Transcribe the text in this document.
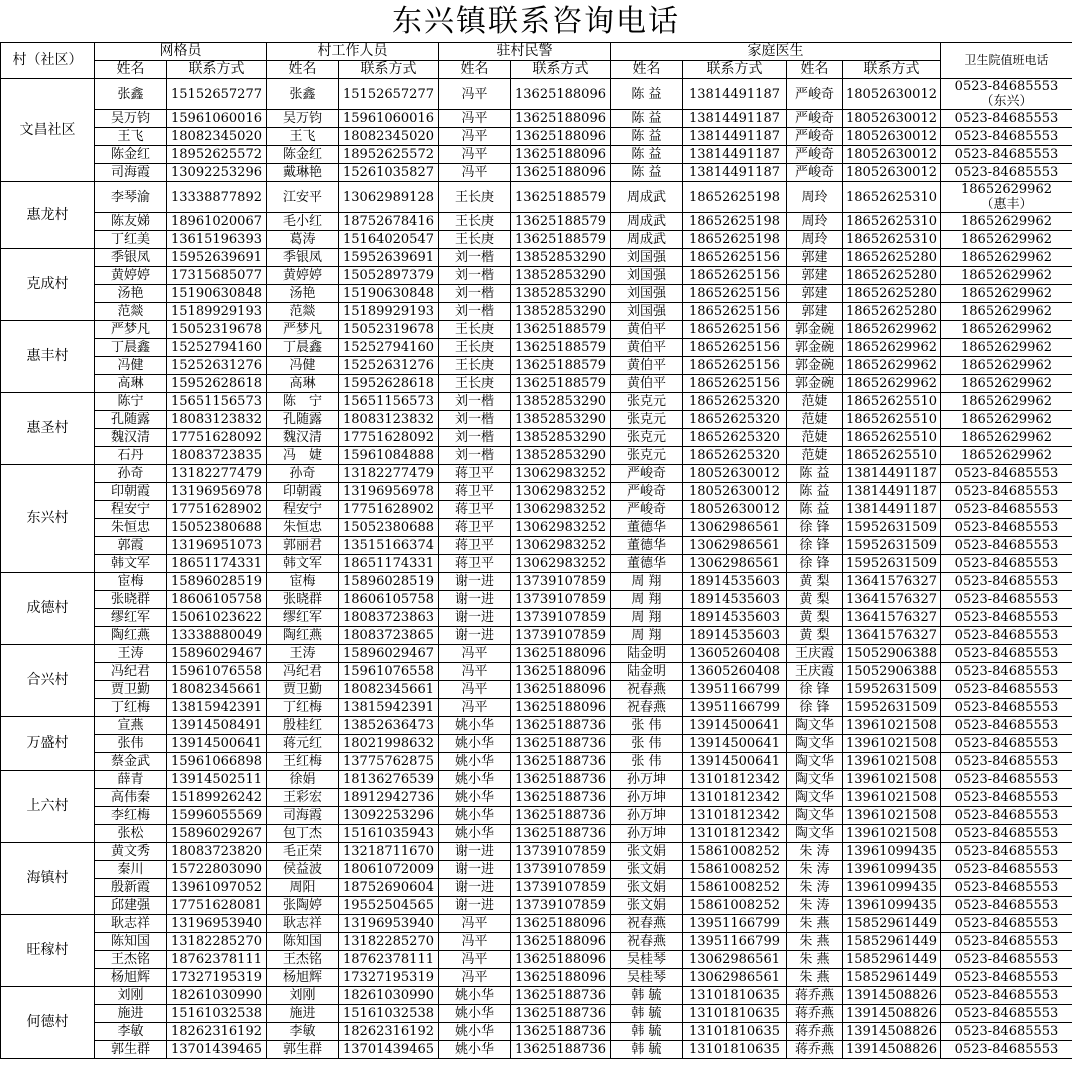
东兴镇联系咨询电话
村（社区）	网格员		村工作人员		驻村民警		家庭医生				卫生院值班电话
	姓名	联系方式	姓名	联系方式	姓名	联系方式	姓名	联系方式	姓名	联系方式	
文昌社区	张鑫	15152657277	张鑫	15152657277	冯平	13625188096	陈 益	13814491187	严峻奇	18052630012	0523-84685553
（东兴）
	吴万钧	15961060016	吴万钧	15961060016	冯平	13625188096	陈 益	13814491187	严峻奇	18052630012	0523-84685553
	王飞	18082345020	王飞	18082345020	冯平	13625188096	陈 益	13814491187	严峻奇	18052630012	0523-84685553
	陈金红	18952625572	陈金红	18952625572	冯平	13625188096	陈 益	13814491187	严峻奇	18052630012	0523-84685553
	司海霞	13092253296	戴琳艳	15261035827	冯平	13625188096	陈 益	13814491187	严峻奇	18052630012	0523-84685553
惠龙村	李琴渝	13338877892	江安平	13062989128	王长庚	13625188579	周成武	18652625198	周玲	18652625310	18652629962
（惠丰）
	陈友娣	18961020067	毛小红	18752678416	王长庚	13625188579	周成武	18652625198	周玲	18652625310	18652629962
	丁红美	13615196393	葛涛	15164020547	王长庚	13625188579	周成武	18652625198	周玲	18652625310	18652629962
克成村	季银凤	15952639691	季银凤	15952639691	刘一楷	13852853290	刘国强	18652625156	郭建	18652625280	18652629962
	黄婷婷	17315685077	黄婷婷	15052897379	刘一楷	13852853290	刘国强	18652625156	郭建	18652625280	18652629962
	汤艳	15190630848	汤艳	15190630848	刘一楷	13852853290	刘国强	18652625156	郭建	18652625280	18652629962
	范燚	15189929193	范燚	15189929193	刘一楷	13852853290	刘国强	18652625156	郭建	18652625280	18652629962
惠丰村	严梦凡	15052319678	严梦凡	15052319678	王长庚	13625188579	黄伯平	18652625156	郭金碗	18652629962	18652629962
	丁晨鑫	15252794160	丁晨鑫	15252794160	王长庚	13625188579	黄伯平	18652625156	郭金碗	18652629962	18652629962
	冯健	15252631276	冯健	15252631276	王长庚	13625188579	黄伯平	18652625156	郭金碗	18652629962	18652629962
	高琳	15952628618	高琳	15952628618	王长庚	13625188579	黄伯平	18652625156	郭金碗	18652629962	18652629962
惠圣村	陈宁	15651156573	陈　宁	15651156573	刘一楷	13852853290	张克元	18652625320	范婕	18652625510	18652629962
	孔随露	18083123832	孔随露	18083123832	刘一楷	13852853290	张克元	18652625320	范婕	18652625510	18652629962
	魏汉清	17751628092	魏汉清	17751628092	刘一楷	13852853290	张克元	18652625320	范婕	18652625510	18652629962
	石丹	18083723835	冯　婕	15961084888	刘一楷	13852853290	张克元	18652625320	范婕	18652625510	18652629962
东兴村	孙奇	13182277479	孙奇	13182277479	蒋卫平	13062983252	严峻奇	18052630012	陈 益	13814491187	0523-84685553
	印朝霞	13196956978	印朝霞	13196956978	蒋卫平	13062983252	严峻奇	18052630012	陈 益	13814491187	0523-84685553
	程安宁	17751628902	程安宁	17751628902	蒋卫平	13062983252	严峻奇	18052630012	陈 益	13814491187	0523-84685553
	朱恒忠	15052380688	朱恒忠	15052380688	蒋卫平	13062983252	董德华	13062986561	徐 锋	15952631509	0523-84685553
	郭霞	13196951073	郭丽君	13515166374	蒋卫平	13062983252	董德华	13062986561	徐 锋	15952631509	0523-84685553
	韩文军	18651174331	韩文军	18651174331	蒋卫平	13062983252	董德华	13062986561	徐 锋	15952631509	0523-84685553
成德村	宦梅	15896028519	宦梅	15896028519	谢一进	13739107859	周 翔	18914535603	黄 梨	13641576327	0523-84685553
	张晓群	18606105758	张晓群	18606105758	谢一进	13739107859	周 翔	18914535603	黄 梨	13641576327	0523-84685553
	缪红军	15061023622	缪红军	18083723863	谢一进	13739107859	周 翔	18914535603	黄 梨	13641576327	0523-84685553
	陶红燕	13338880049	陶红燕	18083723865	谢一进	13739107859	周 翔	18914535603	黄 梨	13641576327	0523-84685553
合兴村	王涛	15896029467	王涛	15896029467	冯平	13625188096	陆金明	13605260408	王庆霞	15052906388	0523-84685553
	冯纪君	15961076558	冯纪君	15961076558	冯平	13625188096	陆金明	13605260408	王庆霞	15052906388	0523-84685553
	贾卫勤	18082345661	贾卫勤	18082345661	冯平	13625188096	祝春燕	13951166799	徐 锋	15952631509	0523-84685553
	丁红梅	13815942391	丁红梅	13815942391	冯平	13625188096	祝春燕	13951166799	徐 锋	15952631509	0523-84685553
万盛村	宣燕	13914508491	殷桂红	13852636473	姚小华	13625188736	张 伟	13914500641	陶文华	13961021508	0523-84685553
	张伟	13914500641	蒋元红	18021998632	姚小华	13625188736	张 伟	13914500641	陶文华	13961021508	0523-84685553
	蔡金武	15961066898	王红梅	13775762875	姚小华	13625188736	张 伟	13914500641	陶文华	13961021508	0523-84685553
上六村	薛青	13914502511	徐娟	18136276539	姚小华	13625188736	孙万坤	13101812342	陶文华	13961021508	0523-84685553
	高伟秦	15189926242	王彩宏	18912942736	姚小华	13625188736	孙万坤	13101812342	陶文华	13961021508	0523-84685553
	李红梅	15996055569	司海霞	13092253296	姚小华	13625188736	孙万坤	13101812342	陶文华	13961021508	0523-84685553
	张松	15896029267	包丁杰	15161035943	姚小华	13625188736	孙万坤	13101812342	陶文华	13961021508	0523-84685553
海镇村	黄文秀	18083723820	毛正荣	13218711670	谢一进	13739107859	张文娟	15861008252	朱 涛	13961099435	0523-84685553
	秦川	15722803090	侯益波	18061072009	谢一进	13739107859	张文娟	15861008252	朱 涛	13961099435	0523-84685553
	殷新霞	13961097052	周阳	18752690604	谢一进	13739107859	张文娟	15861008252	朱 涛	13961099435	0523-84685553
	邱建强	17751628081	张陶婷	19552504565	谢一进	13739107859	张文娟	15861008252	朱 涛	13961099435	0523-84685553
旺稼村	耿志祥	13196953940	耿志祥	13196953940	冯平	13625188096	祝春燕	13951166799	朱 燕	15852961449	0523-84685553
	陈知国	13182285270	陈知国	13182285270	冯平	13625188096	祝春燕	13951166799	朱 燕	15852961449	0523-84685553
	王杰铭	18762378111	王杰铭	18762378111	冯平	13625188096	吴桂琴	13062986561	朱 燕	15852961449	0523-84685553
	杨旭辉	17327195319	杨旭辉	17327195319	冯平	13625188096	吴桂琴	13062986561	朱 燕	15852961449	0523-84685553
何德村	刘刚	18261030990	刘刚	18261030990	姚小华	13625188736	韩 毓	13101810635	蒋乔燕	13914508826	0523-84685553
	施进	15161032538	施进	15161032538	姚小华	13625188736	韩 毓	13101810635	蒋乔燕	13914508826	0523-84685553
	李敏	18262316192	李敏	18262316192	姚小华	13625188736	韩 毓	13101810635	蒋乔燕	13914508826	0523-84685553
	郭生群	13701439465	郭生群	13701439465	姚小华	13625188736	韩 毓	13101810635	蒋乔燕	13914508826	0523-84685553
